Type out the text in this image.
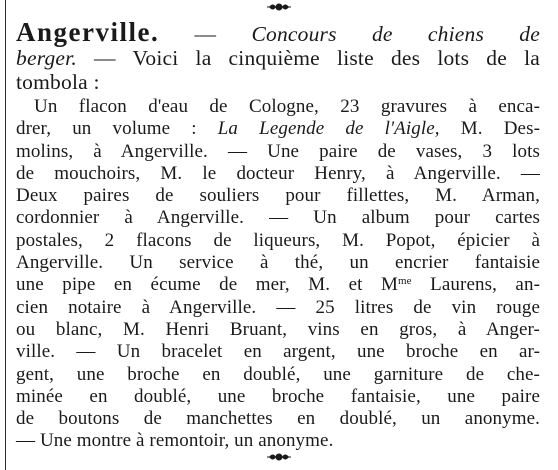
Angerville. — Concours de chiens de
berger. — Voici la cinquième liste des lots de la
tombola :

Un flacon d'eau de Cologne, 23 gravures à enca-
drer, un volume : La Legende de l'Aigle, M. Des-
molins, à Angerville. — Une paire de vases, 3 lots
de mouchoirs, M. le docteur Henry, à Angerville. —
Deux paires de souliers pour fillettes, M. Arman,
cordonnier à Angerville. — Un album pour cartes
postales, 2 flacons de liqueurs, M. Popot, épicier à
Angerville. Un service à thé, un encrier fantaisie
une pipe en écume de mer, M. et $M^{me}$ Laurens, an-
cien notaire à Angerville. — 25 litres de vin rouge
ou blanc, M. Henri Bruant, vins en gros, à Anger-
ville. — Un bracelet en argent, une broche en ar-
gent, une broche en doublé, une garniture de che-
minée en doublé, une broche fantaisie, une paire
de boutons de manchettes en doublé, un anonyme.
— Une montre à remontoir, un anonyme.
